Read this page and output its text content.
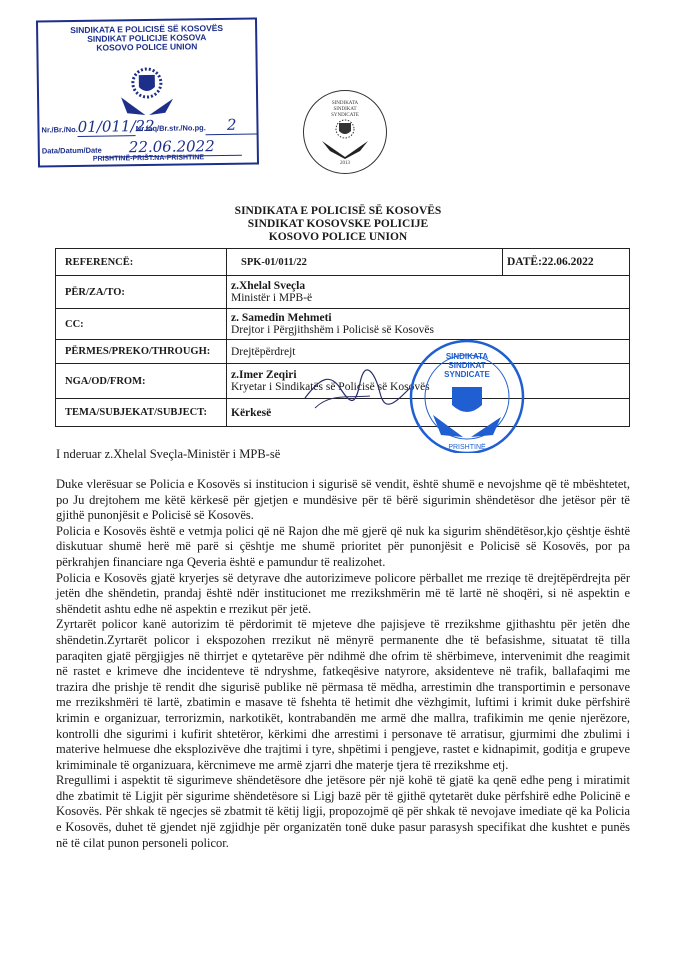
SINDIKATA E POLICISË SË KOSOVËS
SINDIKAT POLICIJE KOSOVA
KOSOVO POLICE UNION
Nr./Br./No.01/011/22Nr.faq/Br.str./No.pg. 2
Data/Datum/Date 22.06.2022
PRISHTINË-PRIŠT.NA-PRISHTINE
SINDIKATA
SINDIKAT
SYNDICATE
2013
SINDIKATA E POLICISË SË KOSOVËS
SINDIKAT KOSOVSKE POLICIJE
KOSOVO POLICE UNION
REFERENCË:	SPK-01/011/22	DATË:22.06.2022
PËR/ZA/TO:	z.Xhelal Sveçla
Ministër i MPB-ë	
CC:	z. Samedin Mehmeti
Drejtor i Përgjithshëm i Policisë së Kosovës	
PËRMES/PREKO/THROUGH:	Drejtëpërdrejt	
NGA/OD/FROM:	z.Imer Zeqiri
Kryetar i Sindikatës së Policisë së Kosovës	
TEMA/SUBJEKAT/SUBJECT:	Kërkesë	
SINDIKATA
SINDIKAT
SYNDICATE
PRISHTINË
I nderuar z.Xhelal Sveçla-Ministër i MPB-së

Duke vlerësuar se Policia e Kosovës si institucion i sigurisë së vendit, është shumë e nevojshme që të mbështetet, po Ju drejtohem me këtë kërkesë për gjetjen e mundësive për të bërë sigurimin shëndetësor dhe jetësor për të gjithë punonjësit e Policisë së Kosovës.

Policia e Kosovës është e vetmja polici që në Rajon dhe më gjerë që nuk ka sigurim shëndëtësor,kjo çështje është diskutuar shumë herë më parë si çështje me shumë prioritet për punonjësit e Policisë së Kosovës, por pa përkrahjen financiare nga Qeveria është e pamundur të realizohet.

Policia e Kosovës gjatë kryerjes së detyrave dhe autorizimeve policore përballet me rreziqe të drejtëpërdrejta për jetën dhe shëndetin, prandaj është ndër institucionet me rrezikshmërin më të lartë në shoqëri, si në aspektin e shëndetit ashtu edhe në aspektin e rrezikut për jetë.

Zyrtarët policor kanë autorizim të përdorimit të mjeteve dhe pajisjeve të rrezikshme gjithashtu për jetën dhe shëndetin.Zyrtarët policor i ekspozohen rrezikut në mënyrë permanente dhe të befasishme, situatat të tilla paraqiten gjatë përgjigjes në thirrjet e qytetarëve për ndihmë dhe ofrim të shërbimeve, intervenimit dhe reagimit në rastet e krimeve dhe incidenteve të ndryshme, fatkeqësive natyrore, aksidenteve në trafik, ballafaqimi me trazira dhe prishje të rendit dhe sigurisë publike në përmasa të mëdha, arrestimin dhe transportimin e personave me rrezikshmëri të lartë, zbatimin e masave të fshehta të hetimit dhe vëzhgimit, luftimi i krimit duke përfshirë krimin e organizuar, terrorizmin, narkotikët, kontrabandën me armë dhe mallra, trafikimin me qenie njerëzore, kontrolli dhe sigurimi i kufirit shtetëror, kërkimi dhe arrestimi i personave të arratisur, gjurmimi dhe zbulimi i materive helmuese dhe eksplozivëve dhe trajtimi i tyre, shpëtimi i pengjeve, rastet e kidnapimit, goditja e grupeve krimiminale të organizuara, kërcnimeve me armë zjarri dhe materje tjera të rrezikshme etj.

Rregullimi i aspektit të sigurimeve shëndetësore dhe jetësore për një kohë të gjatë ka qenë edhe peng i miratimit dhe zbatimit të Ligjit për sigurime shëndetësore si Ligj bazë për të gjithë qytetarët duke përfshirë edhe Policinë e Kosovës. Për shkak të ngecjes së zbatmit të këtij ligji, propozojmë që për shkak të nevojave imediate që ka Policia e Kosovës, duhet të gjendet një zgjidhje për organizatën tonë duke pasur parasysh specifikat dhe kushtet e punës në të cilat punon personeli policor.
